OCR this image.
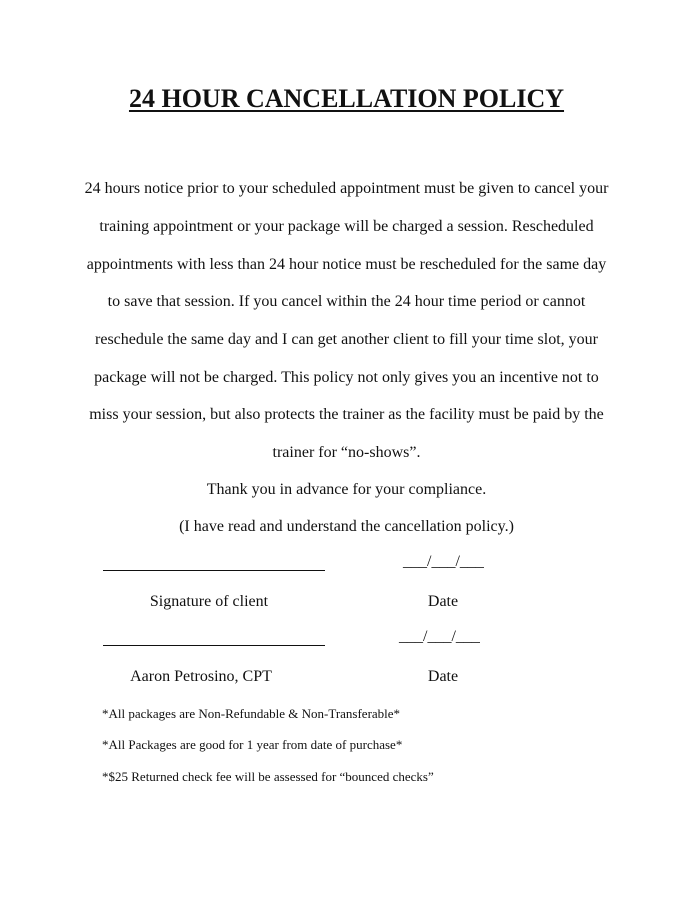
24 HOUR CANCELLATION POLICY
24 hours notice prior to your scheduled appointment must be given to cancel your
training appointment or your package will be charged a session. Rescheduled
appointments with less than 24 hour notice must be rescheduled for the same day
to save that session. If you cancel within the 24 hour time period or cannot
reschedule the same day and I can get another client to fill your time slot, your
package will not be charged. This policy not only gives you an incentive not to
miss your session, but also protects the trainer as the facility must be paid by the
trainer for “no-shows”.
Thank you in advance for your compliance.
(I have read and understand the cancellation policy.)
___/___/___
Signature of client	Date
___/___/___
Aaron Petrosino, CPT	Date
*All packages are Non-Refundable & Non-Transferable*
*All Packages are good for 1 year from date of purchase*
*$25 Returned check fee will be assessed for “bounced checks”
